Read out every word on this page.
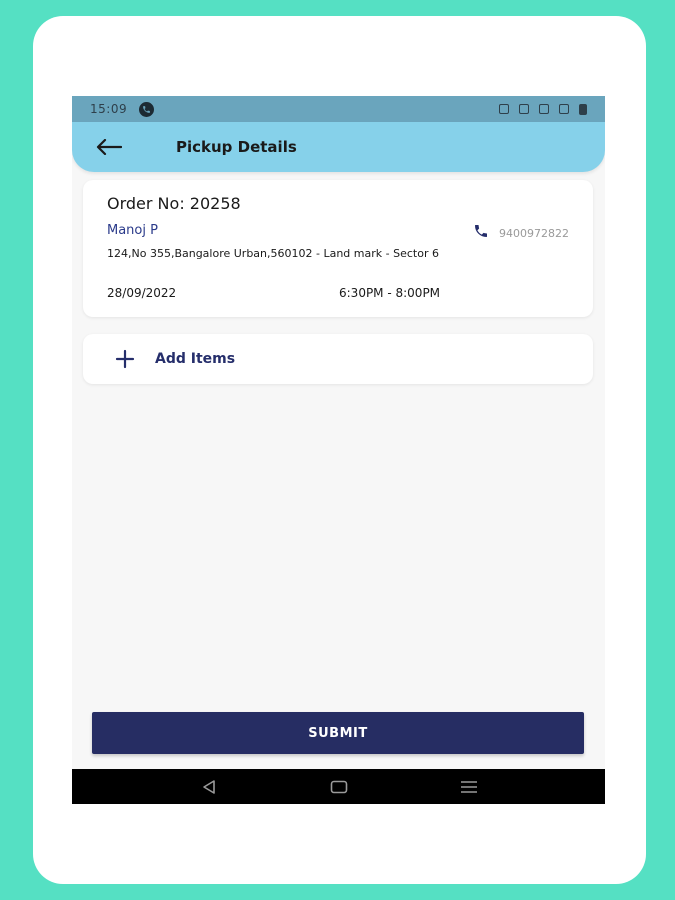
15:09
Pickup Details
Order No: 20258
Manoj P	9400972822
124,No 355,Bangalore Urban,560102 - Land mark - Sector 6
28/09/2022	6:30PM - 8:00PM
Add Items
SUBMIT
